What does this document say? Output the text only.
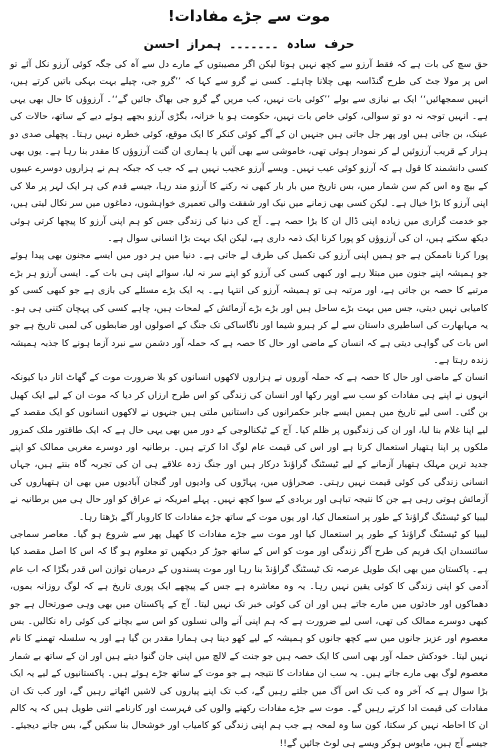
موت سے جڑے مفادات!
حرف سادہ ۔۔۔۔۔۔۔ ہمراز احسن

حق سچ کی بات ہے کہ فقط آرزو سے کچھ نہیں ہوتا لیکن اگر مصیبتوں کے مارے دل سے آہ کی جگہ کوئی آرزو نکل آئے تو اس پر مولا جٹ کی طرح گنڈاسہ بھی چلانا چاہئے۔ کسی نے گرو سے کہا کہ ’’گرو جی، چیلے بہت بہکی باتیں کرتے ہیں، انہیں سمجھائیں‘‘ ایک بے نیازی سے بولے ’’کوئی بات نہیں، کب مریں گے گرو جی بھاگ جائیں گے‘‘۔ آرزوؤں کا حال بھی یہی ہے۔ انہیں توجہ نہ دو تو سوالی، کوئی خاص بات نہیں، حکومت ہو یا خزانہ، بگڑی آرزو بجھے ہوئے دیے کے ساتھ، حالات کی عینک، بن جاتی ہیں اور پھر جل جاتی ہیں جنہیں ان کے آگے کوئی کنکر کا ایک موقع، کوئی خطرہ نہیں رہتا۔ پچھلی صدی دو ہزار کے قریب آرزوئیں لے کر نمودار ہوئی تھی، خاموشی سے بھی آئیں یا ہماری ان گنت آرزوؤں کا مقدر بنا رہا ہے۔ یوں بھی کسی دانشمند کا قول ہے کہ آرزو کوئی عیب نہیں۔ ویسے آرزو عجیب نہیں ہے کہ جب کہ جبکہ ہم نے ہزاروں دوسرے عیبوں کے بیچ وہ اس کم سن شمار میں، بس تاریخ میں بار بار کبھی نہ رکنے کا آرزو مند رہا، جیسے قدم کی ہر ایک لہر پر ملا کی اپنی آرزو کا بڑا خیال ہے۔ لیکن کسی بھی زمانے میں نیک اور شفقت والی تعمیری خواہشوں، دماغوں میں سر نکال لیتی ہیں، جو خدمت گزاری میں زیادہ اپنی ڈال ان کا بڑا حصہ ہے۔ آج کی دنیا کی زندگی جس کو ہم اپنی آرزو کا پیچھا کرتی ہوئی دیکھ سکتے ہیں، ان کی آرزوؤں کو پورا کرنا ایک ذمہ داری ہے، لیکن ایک بہت بڑا انسانی سوال ہے۔

پورا کرنا ناممکن ہے جو ہمیں اپنی آرزو کی تکمیل کی طرف لے جاتی ہے۔ دنیا میں ہر دور میں ایسے مجنون بھی پیدا ہوئے جو ہمیشہ اپنے جنون میں مبتلا رہے اور کبھی کسی کی آرزو کو اپنے سر نہ لیا، سوائے اپنی ہی بات کے۔ ایسی آرزو ہر بڑے مرتبے کا حصہ بن جاتی ہے، اور مرتبہ ہی تو ہمیشہ آرزو کی انتہا ہے۔ یہ ایک بڑے مسئلے کی بازی ہے جو کبھی کسی کو کامیابی نہیں دیتی، جس میں بہت بڑے ساحل ہیں اور بڑے بڑے آزمائش کے لمحات ہیں، چاہے کسی کی پہچان کتنی ہی ہو۔ یہ مہابھارت کی اساطیری داستان سے لے کر ہیرو شیما اور ناگاساکی تک جنگ کے اصولوں اور ضابطوں کی لمبی تاریخ ہے جو اس بات کی گواہی دیتی ہے کہ انسان کے ماضی اور حال کا حصہ ہے کہ حملہ آور دشمن سے نبرد آزما ہونے کا جذبہ ہمیشہ زندہ رہتا ہے۔

انسان کے ماضی اور حال کا حصہ ہے کہ حملہ آوروں نے ہزاروں لاکھوں انسانوں کو بلا ضرورت موت کے گھاٹ اتار دیا کیونکہ انہوں نے اپنے ہی مفادات کو سب سے اوپر رکھا اور انسان کی زندگی کو اس طرح ارزاں کر دیا کہ موت ان کے لیے ایک کھیل بن گئی۔ اسی لیے تاریخ میں ہمیں ایسے جابر حکمرانوں کی داستانیں ملتی ہیں جنہوں نے لاکھوں انسانوں کو ایک مقصد کے لیے اپنا غلام بنا لیا، اور ان کی زندگیوں پر ظلم کیا۔ آج کے ٹیکنالوجی کے دور میں بھی یہی حال ہے کہ ایک طاقتور ملک کمزور ملکوں پر اپنا ہتھیار استعمال کرتا ہے اور اس کی قیمت عام لوگ ادا کرتے ہیں۔ برطانیہ اور دوسرے مغربی ممالک کو اپنے جدید ترین مہلک ہتھیار آزمانے کے لیے ٹیسٹنگ گراؤنڈ درکار ہیں اور جنگ زدہ علاقے ہی ان کی تجربہ گاہ بنتے ہیں، جہاں انسانی زندگی کی کوئی قیمت نہیں رہتی۔ صحراؤں میں، پہاڑوں کی وادیوں اور گنجان آبادیوں میں بھی ان ہتھیاروں کی آزمائش ہوتی رہی ہے جن کا نتیجہ تباہی اور بربادی کے سوا کچھ نہیں۔ پہلے امریکہ نے عراق کو اور حال ہی میں برطانیہ نے لیبیا کو ٹیسٹنگ گراؤنڈ کے طور پر استعمال کیا، اور یوں موت کے ساتھ جڑے مفادات کا کاروبار آگے بڑھتا رہا۔

لیبیا کو ٹیسٹنگ گراؤنڈ کے طور پر استعمال کیا اور موت سے جڑے مفادات کا کھیل پھر سے شروع ہو گیا۔ معاصر سماجی سائنسدان ایک فریم کی طرح آگر زندگی اور موت کو اس کے ساتھ جوڑ کر دیکھیں تو معلوم ہو گا کہ اس کا اصل مقصد کیا ہے۔ پاکستان میں بھی ایک طویل عرصہ تک ٹیسٹنگ گراؤنڈ بنا رہا اور موت پسندوں کے درمیان توازن اس قدر بگڑا کہ اب عام آدمی کو اپنی زندگی کا کوئی یقین نہیں رہا۔ یہ وہ معاشرہ ہے جس کے پیچھے ایک پوری تاریخ ہے کہ لوگ روزانہ بموں، دھماکوں اور حادثوں میں مارے جاتے ہیں اور ان کی کوئی خبر تک نہیں لیتا۔ آج کے پاکستان میں بھی وہی صورتحال ہے جو کبھی دوسرے ممالک کی تھی، اسی لیے ضرورت ہے کہ ہم اپنی آنے والی نسلوں کو اس سے بچانے کی کوئی راہ نکالیں۔ بس معصوم اور عزیز جانوں میں سے کچھ جانوں کو ہمیشہ کے لیے کھو دینا ہی ہمارا مقدر بن گیا ہے اور یہ سلسلہ تھمنے کا نام نہیں لیتا۔ خودکش حملہ آور بھی اسی کا ایک حصہ ہیں جو جنت کے لالچ میں اپنی جان گنوا دیتے ہیں اور ان کے ساتھ بے شمار معصوم لوگ بھی مارے جاتے ہیں۔ یہ سب ان مفادات کا نتیجہ ہے جو موت کے ساتھ جڑے ہوئے ہیں۔ پاکستانیوں کے لیے یہ ایک بڑا سوال ہے کہ آخر وہ کب تک اس آگ میں جلتے رہیں گے، کب تک اپنے پیاروں کی لاشیں اٹھاتے رہیں گے، اور کب تک ان مفادات کی قیمت ادا کرتے رہیں گے۔ موت سے جڑے مفادات رکھنے والوں کی فہرست اور کارنامے اتنی طویل ہیں کہ یہ کالم ان کا احاطہ نہیں کر سکتا، کون سا وہ لمحہ ہے جب ہم اپنی زندگی کو کامیاب اور خوشحال بنا سکیں گے، بس جانے دیجیئے۔ جیسے آج ہیں، مایوس ہوکر ویسے ہی لوٹ جائیں گے!!
